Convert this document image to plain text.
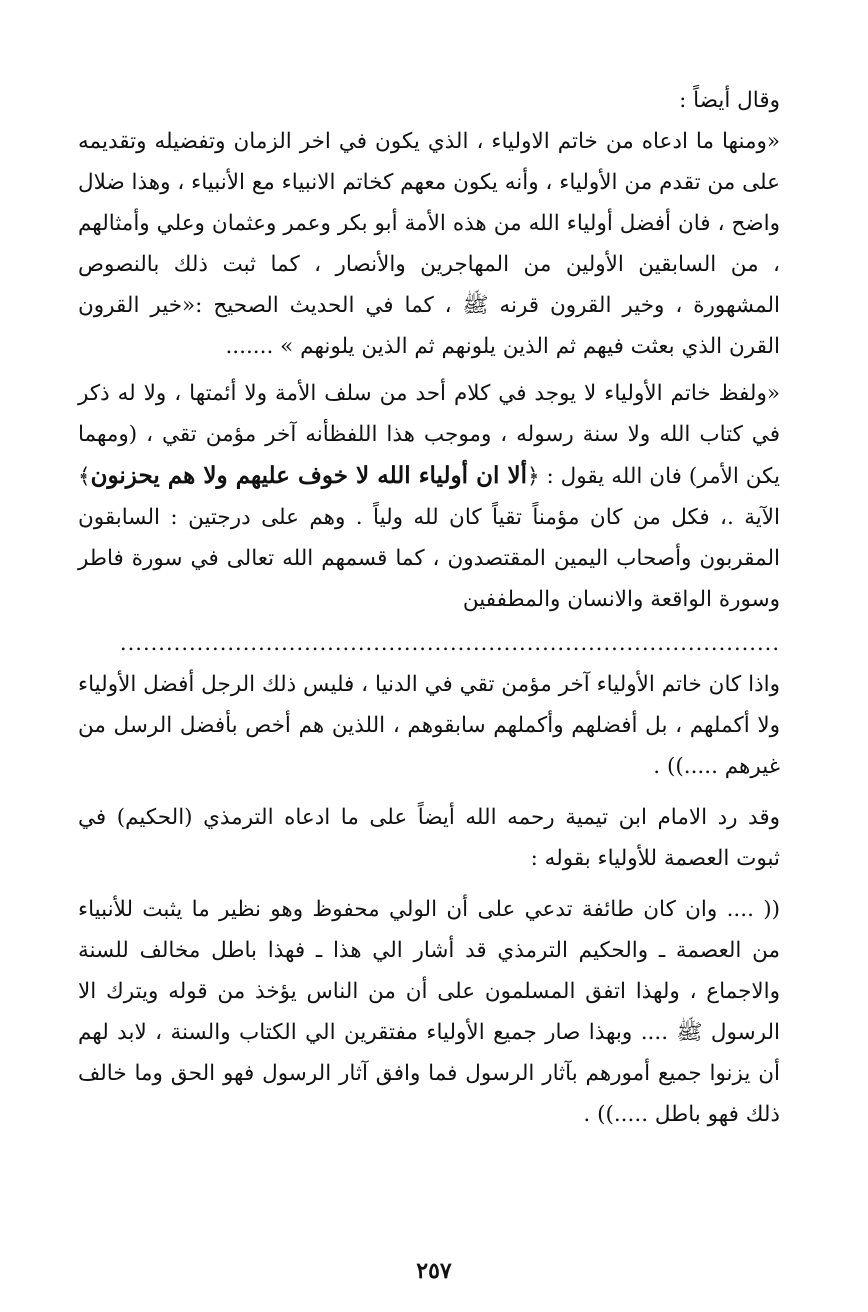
وقال أيضاً :

«ومنها ما ادعاه من خاتم الاولياء ، الذي يكون في اخر الزمان وتفضيله وتقديمه على من تقدم من الأولياء ، وأنه يكون معهم كخاتم الانبياء مع الأنبياء ، وهذا ضلال واضح ، فان أفضل أولياء الله من هذه الأمة أبو بكر وعمر وعثمان وعلي وأمثالهم ، من السابقين الأولين من المهاجرين والأنصار ، كما ثبت ذلك بالنصوص المشهورة ، وخير القرون قرنه ﷺ ، كما في الحديث الصحيح :«خير القرون القرن الذي بعثت فيهم ثم الذين يلونهم ثم الذين يلونهم » .......

«ولفظ خاتم الأولياء لا يوجد في كلام أحد من سلف الأمة ولا أئمتها ، ولا له ذكر في كتاب الله ولا سنة رسوله ، وموجب هذا اللفظأنه آخر مؤمن تقي ، (ومهما يكن الأمر) فان الله يقول : ﴿ألا ان أولياء الله لا خوف عليهم ولا هم يحزنون﴾ الآية .، فكل من كان مؤمناً تقياً كان لله ولياً . وهم على درجتين : السابقون المقربون وأصحاب اليمين المقتصدون ، كما قسمهم الله تعالى في سورة فاطر وسورة الواقعة والانسان والمطففين

......................................................................................

واذا كان خاتم الأولياء آخر مؤمن تقي في الدنيا ، فليس ذلك الرجل أفضل الأولياء ولا أكملهم ، بل أفضلهم وأكملهم سابقوهم ، اللذين هم أخص بأفضل الرسل من غيرهم .....)) .

وقد رد الامام ابن تيمية رحمه الله أيضاً على ما ادعاه الترمذي (الحكيم) في ثبوت العصمة للأولياء بقوله :

(( .... وان كان طائفة تدعي على أن الولي محفوظ وهو نظير ما يثبت للأنبياء من العصمة ـ والحكيم الترمذي قد أشار الي هذا ـ فهذا باطل مخالف للسنة والاجماع ، ولهذا اتفق المسلمون على أن من الناس يؤخذ من قوله ويترك الا الرسول ﷺ .... وبهذا صار جميع الأولياء مفتقرين الي الكتاب والسنة ، لابد لهم أن يزنوا جميع أمورهم بآثار الرسول فما وافق آثار الرسول فهو الحق وما خالف ذلك فهو باطل .....)) .

٢٥٧
